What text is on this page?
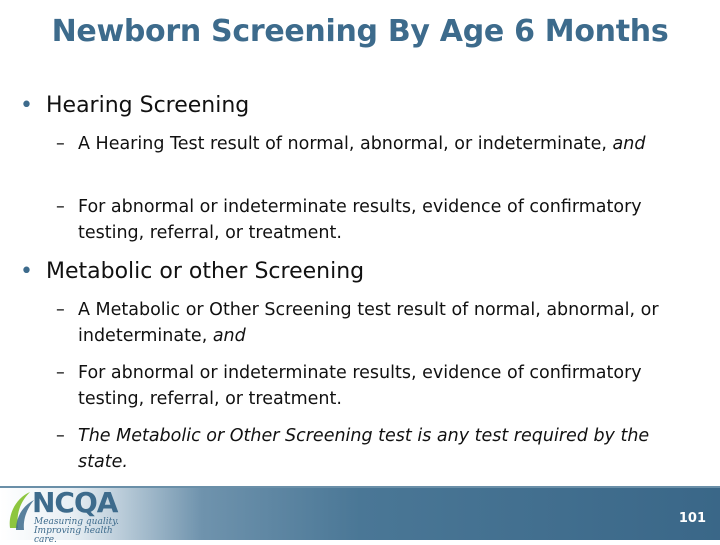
Newborn Screening By Age 6 Months
• Hearing Screening
– A Hearing Test result of normal, abnormal, or indeterminate, and
– For abnormal or indeterminate results, evidence of confirmatory testing, referral, or treatment.
• Metabolic or other Screening
– A Metabolic or Other Screening test result of normal, abnormal, or indeterminate, and
– For abnormal or indeterminate results, evidence of confirmatory testing, referral, or treatment.
– The Metabolic or Other Screening test is any test required by the state.
NCQA
Measuring quality.
Improving health care.
101
